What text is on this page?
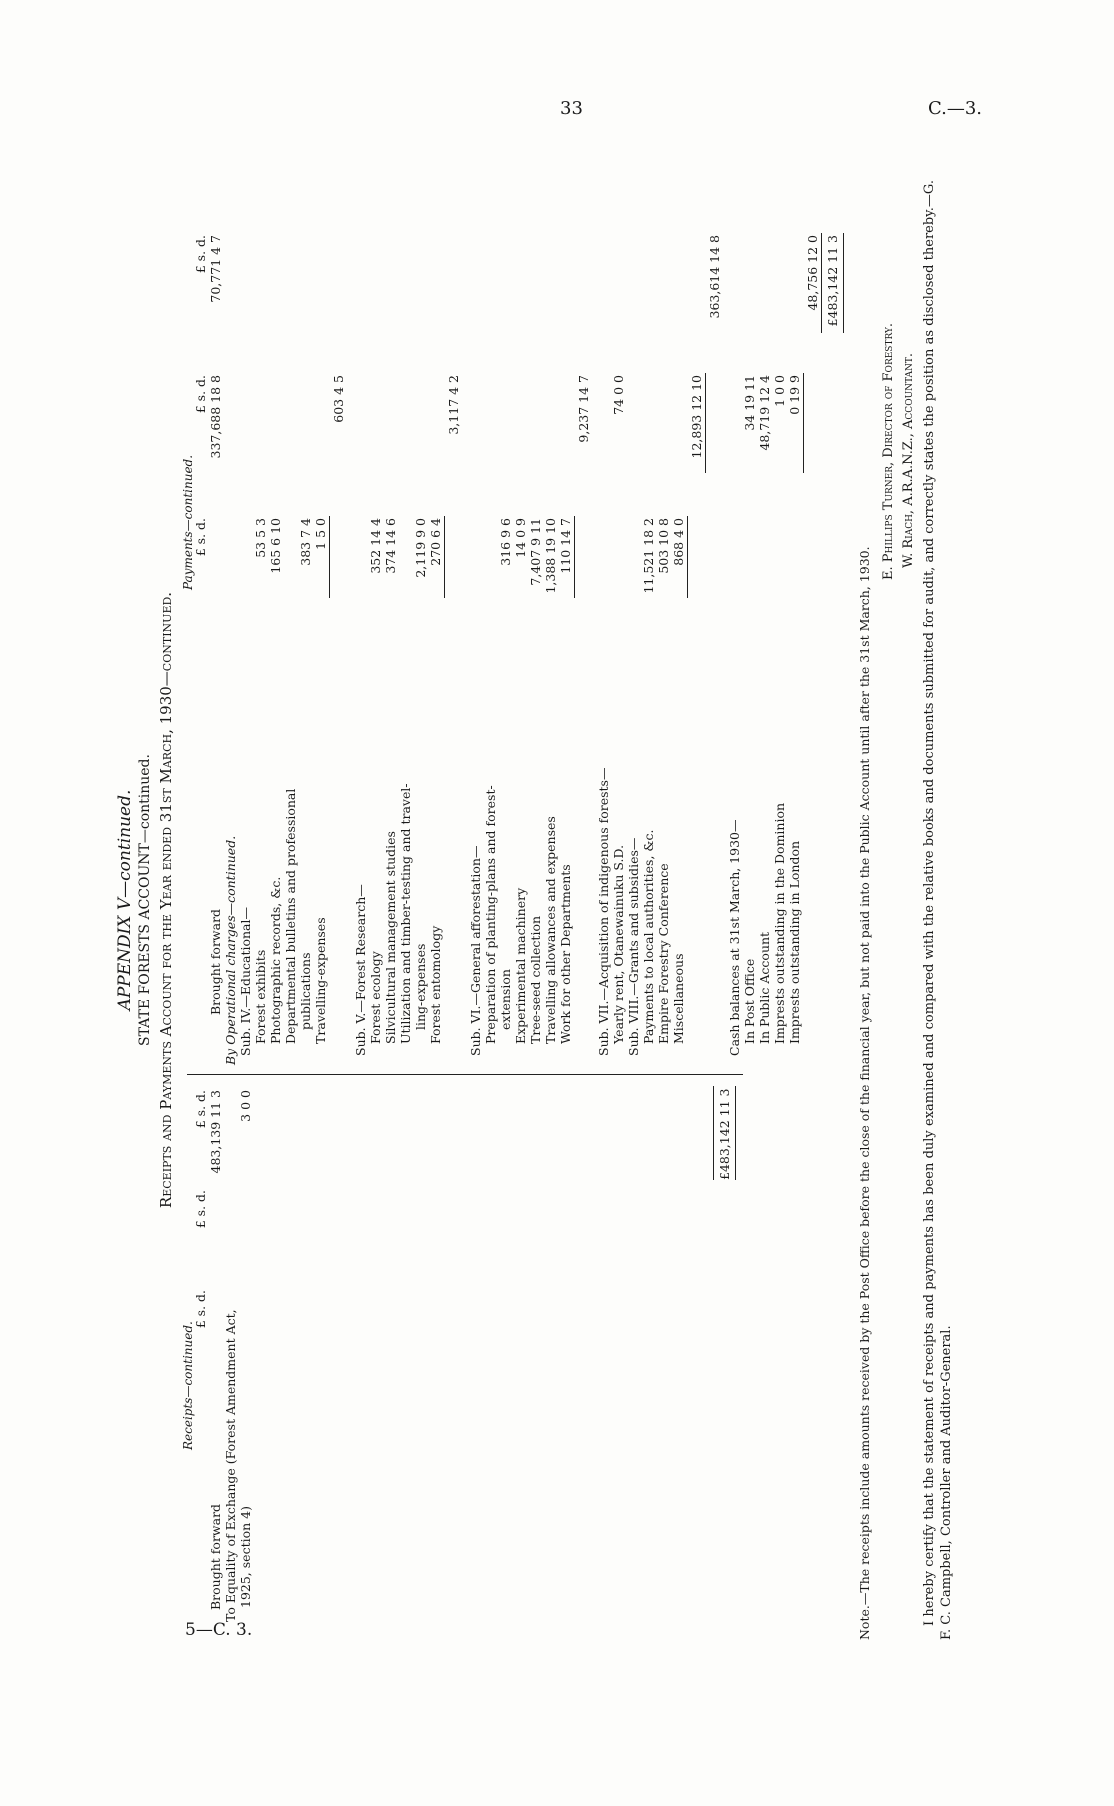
33	C.—3.
5—C. 3.
APPENDIX V—continued. STATE FORESTS ACCOUNT—continued. Receipts and Payments Account for the Year ended 31st March, 1930—continued.
Receipts—continued.
£ s. d.
£ s. d.
£ s. d.
Brought forward
483,139 11 3
To Equality of Exchange (Forest Amendment Act, 1925, section 4)
3 0 0	£483,142 11 3
Payments—continued.
£ s. d.
£ s. d.
£ s. d.
Brought forward
337,688 18 8
70,771 4 7
By Operational charges—continued. Sub. IV.—Educational— Forest exhibits
53 5 3
Photographic records, &c.
165 6 10
Departmental bulletins and professional publications
383 7 4
Travelling-expenses
1 5 0
603 4 5
Sub. V.—Forest Research— Forest ecology
352 14 4
Silvicultural management studies
374 14 6
Utilization and timber-testing and travel- ling-expenses
2,119 9 0
Forest entomology
270 6 4
3,117 4 2
Sub. VI.—General afforestation— Preparation of planting-plans and forest- extension
316 9 6
Experimental machinery
14 0 9
Tree-seed collection
7,407 9 11
Travelling allowances and expenses
1,388 19 10
Work for other Departments
110 14 7
9,237 14 7
Sub. VII.—Acquisition of indigenous forests— Yearly rent, Otanewainuku S.D.
74 0 0
Sub. VIII.—Grants and subsidies— Payments to local authorities, &c.
11,521 18 2
Empire Forestry Conference
503 10 8
Miscellaneous
868 4 0
12,893 12 10
363,614 14 8
Cash balances at 31st March, 1930— In Post Office
34 19 11
In Public Account
48,719 12 4
Imprests outstanding in the Dominion
1 0 0
Imprests outstanding in London
0 19 9
48,756 12 0 £483,142 11 3
Note.—The receipts include amounts received by the Post Office before the close of the financial year, but not paid into the Public Account until after the 31st March, 1930.
E. Phillips Turner, Director of Forestry. W. Riach, A.R.A.N.Z., Accountant. I hereby certify that the statement of receipts and payments has been duly examined and compared with the relative books and documents submitted for audit, and correctly states the position as disclosed thereby.—G. F. C. Campbell, Controller and Auditor-General.
